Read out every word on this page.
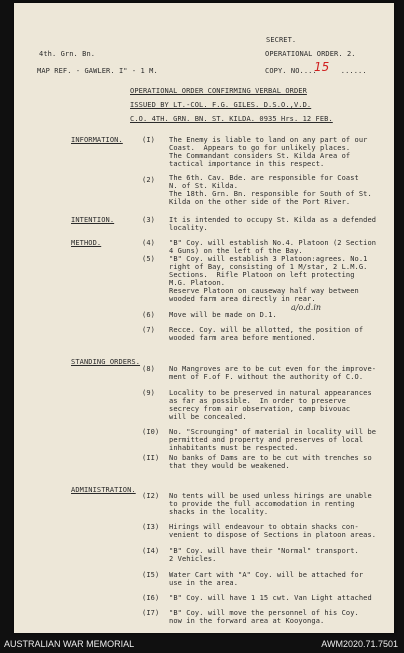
SECRET.
4th. Grn. Bn.	OPERATIONAL ORDER. 2.
MAP REF. - GAWLER. I" - 1 M.	COPY. NO....	......
15
OPERATIONAL ORDER CONFIRMING VERBAL ORDER
ISSUED BY LT.-COL. F.G. GILES. D.S.O.,V.D.
C.O. 4TH. GRN. BN. ST. KILDA. 0935 Hrs. 12 FEB.
INFORMATION.	(I) The Enemy is liable to land on any part of our
Coast.  Appears to go for unlikely places.
The Commandant considers St. Kilda Area of
tactical importance in this respect.
(2) The 6th. Cav. Bde. are responsible for Coast
N. of St. Kilda.
The 18th. Grn. Bn. responsible for South of St.
Kilda on the other side of the Port River.
INTENTION.	(3) It is intended to occupy St. Kilda as a defended
locality.
METHOD.	(4) "B" Coy. will establish No.4. Platoon (2 Section
4 Guns) on the left of the Bay.
(5) "B" Coy. will establish 3 Platoon:agrees. No.1
right of Bay, consisting of 1 M/star, 2 L.M.G.
Sections.  Rifle Platoon on left protecting
M.G. Platoon.
Reserve Platoon on causeway half way between
wooded farm area directly in rear.
(6) Move will be made on D.1.
a/o.d.in
(7) Recce. Coy. will be allotted, the position of
wooded farm area before mentioned.
STANDING ORDERS.
(8) No Mangroves are to be cut even for the improve-
ment of F.of F. without the authority of C.O.
(9) Locality to be preserved in natural appearances
as far as possible.  In order to preserve
secrecy from air observation, camp bivouac
will be concealed.
(I0) No. "Scrounging" of material in locality will be
permitted and property and preserves of local
inhabitants must be respected.
(II) No banks of Dams are to be cut with trenches so
that they would be weakened.
ADMINISTRATION.
(I2) No tents will be used unless hirings are unable
to provide the full accomodation in renting
shacks in the locality.
(I3) Hirings will endeavour to obtain shacks con-
venient to dispose of Sections in platoon areas.
(I4) "B" Coy. will have their "Normal" transport.
2 Vehicles.
(I5) Water Cart with "A" Coy. will be attached for
use in the area.
(I6) "B" Coy. will have 1 15 cwt. Van Light attached
(I7) "B" Coy. will move the personnel of his Coy.
now in the forward area at Kooyonga.
AUSTRALIAN WAR MEMORIAL	AWM2020.71.7501
